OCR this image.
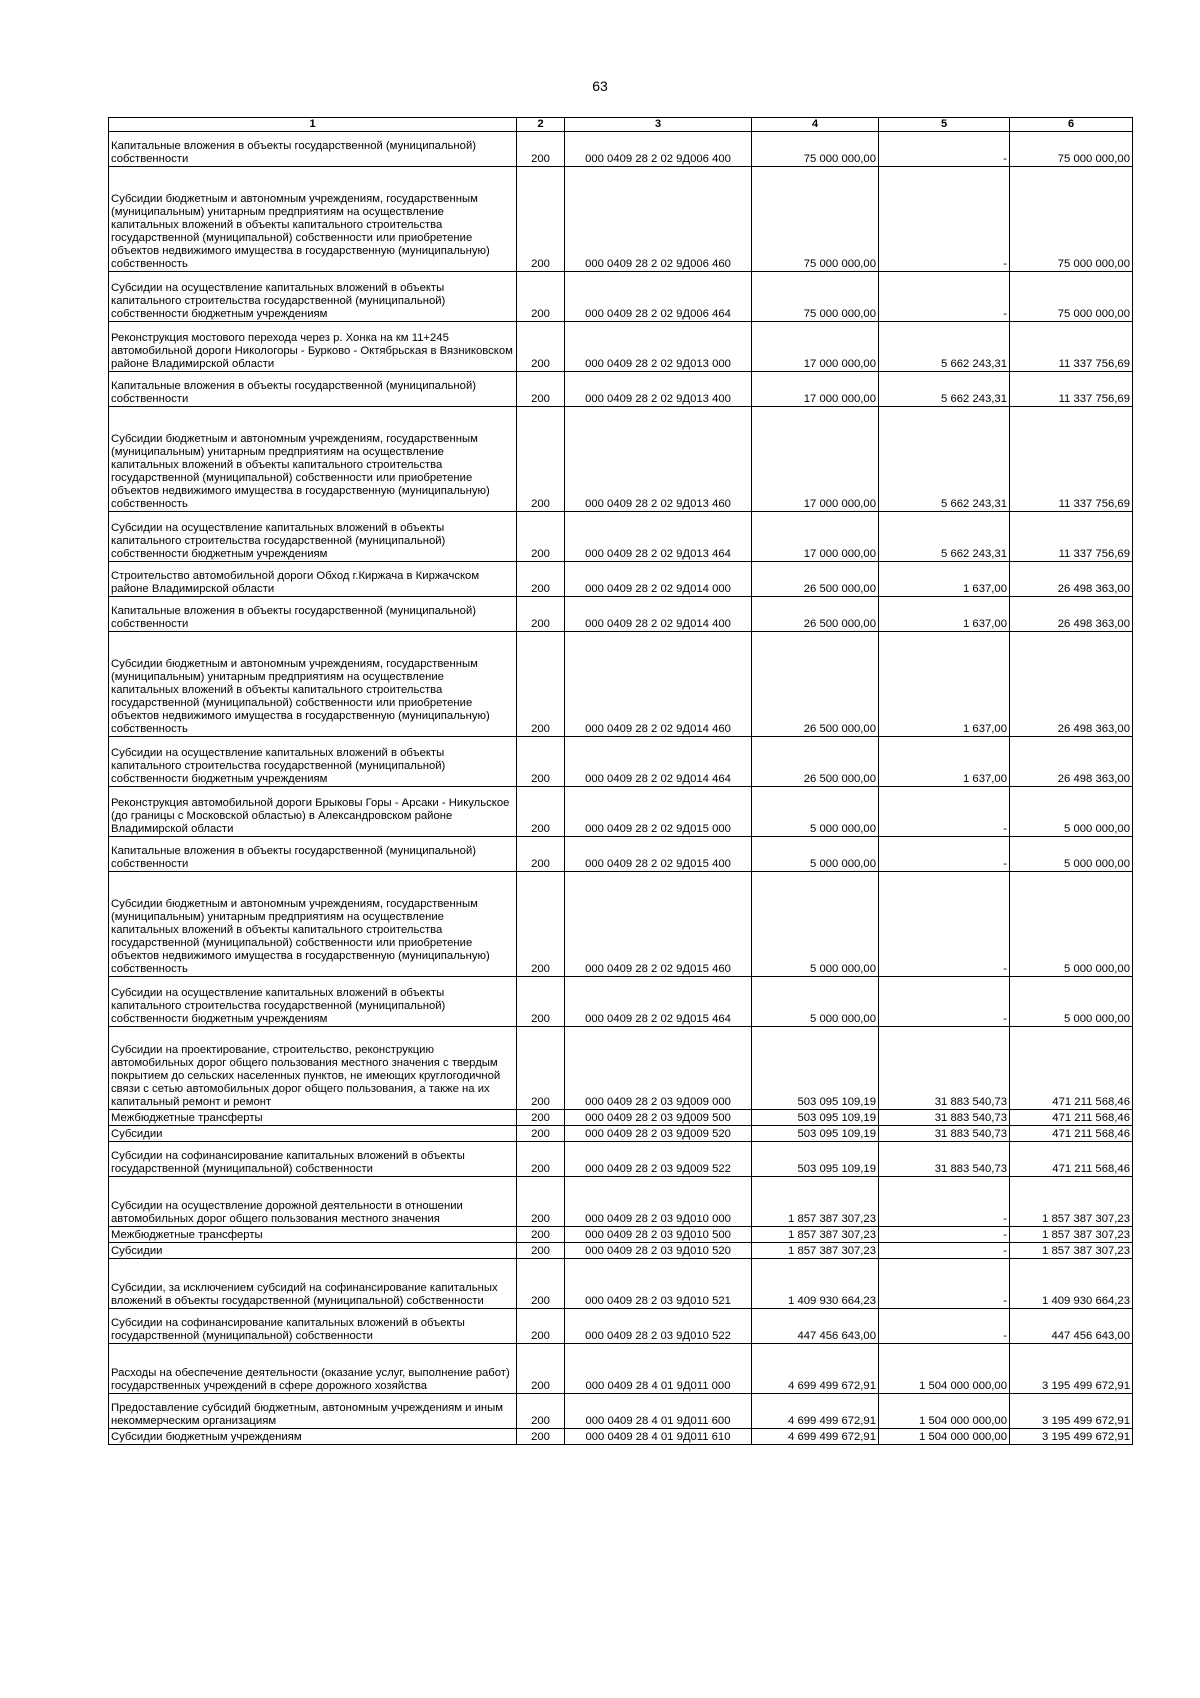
63
1	2	3	4	5	6
Капитальные вложения в объекты государственной (муниципальной) собственности	200	000 0409 28 2 02 9Д006 400	75 000 000,00	-	75 000 000,00
Субсидии бюджетным и автономным учреждениям, государственным (муниципальным) унитарным предприятиям на осуществление капитальных вложений в объекты капитального строительства государственной (муниципальной) собственности или приобретение объектов недвижимого имущества в государственную (муниципальную) собственность	200	000 0409 28 2 02 9Д006 460	75 000 000,00	-	75 000 000,00
Субсидии на осуществление капитальных вложений в объекты капитального строительства государственной (муниципальной) собственности бюджетным учреждениям	200	000 0409 28 2 02 9Д006 464	75 000 000,00	-	75 000 000,00
Реконструкция мостового перехода через р. Хонка на км 11+245 автомобильной дороги Никологоры - Бурково - Октябрьская в Вязниковском районе Владимирской области	200	000 0409 28 2 02 9Д013 000	17 000 000,00	5 662 243,31	11 337 756,69
Капитальные вложения в объекты государственной (муниципальной) собственности	200	000 0409 28 2 02 9Д013 400	17 000 000,00	5 662 243,31	11 337 756,69
Субсидии бюджетным и автономным учреждениям, государственным (муниципальным) унитарным предприятиям на осуществление капитальных вложений в объекты капитального строительства государственной (муниципальной) собственности или приобретение объектов недвижимого имущества в государственную (муниципальную) собственность	200	000 0409 28 2 02 9Д013 460	17 000 000,00	5 662 243,31	11 337 756,69
Субсидии на осуществление капитальных вложений в объекты капитального строительства государственной (муниципальной) собственности бюджетным учреждениям	200	000 0409 28 2 02 9Д013 464	17 000 000,00	5 662 243,31	11 337 756,69
Строительство автомобильной дороги Обход г.Киржача в Киржачском районе Владимирской области	200	000 0409 28 2 02 9Д014 000	26 500 000,00	1 637,00	26 498 363,00
Капитальные вложения в объекты государственной (муниципальной) собственности	200	000 0409 28 2 02 9Д014 400	26 500 000,00	1 637,00	26 498 363,00
Субсидии бюджетным и автономным учреждениям, государственным (муниципальным) унитарным предприятиям на осуществление капитальных вложений в объекты капитального строительства государственной (муниципальной) собственности или приобретение объектов недвижимого имущества в государственную (муниципальную) собственность	200	000 0409 28 2 02 9Д014 460	26 500 000,00	1 637,00	26 498 363,00
Субсидии на осуществление капитальных вложений в объекты капитального строительства государственной (муниципальной) собственности бюджетным учреждениям	200	000 0409 28 2 02 9Д014 464	26 500 000,00	1 637,00	26 498 363,00
Реконструкция автомобильной дороги Брыковы Горы - Арсаки - Никульское (до границы с Московской областью) в Александровском районе Владимирской области	200	000 0409 28 2 02 9Д015 000	5 000 000,00	-	5 000 000,00
Капитальные вложения в объекты государственной (муниципальной) собственности	200	000 0409 28 2 02 9Д015 400	5 000 000,00	-	5 000 000,00
Субсидии бюджетным и автономным учреждениям, государственным (муниципальным) унитарным предприятиям на осуществление капитальных вложений в объекты капитального строительства государственной (муниципальной) собственности или приобретение объектов недвижимого имущества в государственную (муниципальную) собственность	200	000 0409 28 2 02 9Д015 460	5 000 000,00	-	5 000 000,00
Субсидии на осуществление капитальных вложений в объекты капитального строительства государственной (муниципальной) собственности бюджетным учреждениям	200	000 0409 28 2 02 9Д015 464	5 000 000,00	-	5 000 000,00
Субсидии на проектирование, строительство, реконструкцию автомобильных дорог общего пользования местного значения с твердым покрытием до сельских населенных пунктов, не имеющих круглогодичной связи с сетью автомобильных дорог общего пользования, а также на их капитальный ремонт и ремонт	200	000 0409 28 2 03 9Д009 000	503 095 109,19	31 883 540,73	471 211 568,46
Межбюджетные трансферты	200	000 0409 28 2 03 9Д009 500	503 095 109,19	31 883 540,73	471 211 568,46
Субсидии	200	000 0409 28 2 03 9Д009 520	503 095 109,19	31 883 540,73	471 211 568,46
Субсидии на софинансирование капитальных вложений в объекты государственной (муниципальной) собственности	200	000 0409 28 2 03 9Д009 522	503 095 109,19	31 883 540,73	471 211 568,46
Субсидии на осуществление дорожной деятельности в отношении автомобильных дорог общего пользования местного значения	200	000 0409 28 2 03 9Д010 000	1 857 387 307,23	-	1 857 387 307,23
Межбюджетные трансферты	200	000 0409 28 2 03 9Д010 500	1 857 387 307,23	-	1 857 387 307,23
Субсидии	200	000 0409 28 2 03 9Д010 520	1 857 387 307,23	-	1 857 387 307,23
Субсидии, за исключением субсидий на софинансирование капитальных вложений в объекты государственной (муниципальной) собственности	200	000 0409 28 2 03 9Д010 521	1 409 930 664,23	-	1 409 930 664,23
Субсидии на софинансирование капитальных вложений в объекты государственной (муниципальной) собственности	200	000 0409 28 2 03 9Д010 522	447 456 643,00	-	447 456 643,00
Расходы на обеспечение деятельности (оказание услуг, выполнение работ) государственных учреждений в сфере дорожного хозяйства	200	000 0409 28 4 01 9Д011 000	4 699 499 672,91	1 504 000 000,00	3 195 499 672,91
Предоставление субсидий бюджетным, автономным учреждениям и иным некоммерческим организациям	200	000 0409 28 4 01 9Д011 600	4 699 499 672,91	1 504 000 000,00	3 195 499 672,91
Субсидии бюджетным учреждениям	200	000 0409 28 4 01 9Д011 610	4 699 499 672,91	1 504 000 000,00	3 195 499 672,91
